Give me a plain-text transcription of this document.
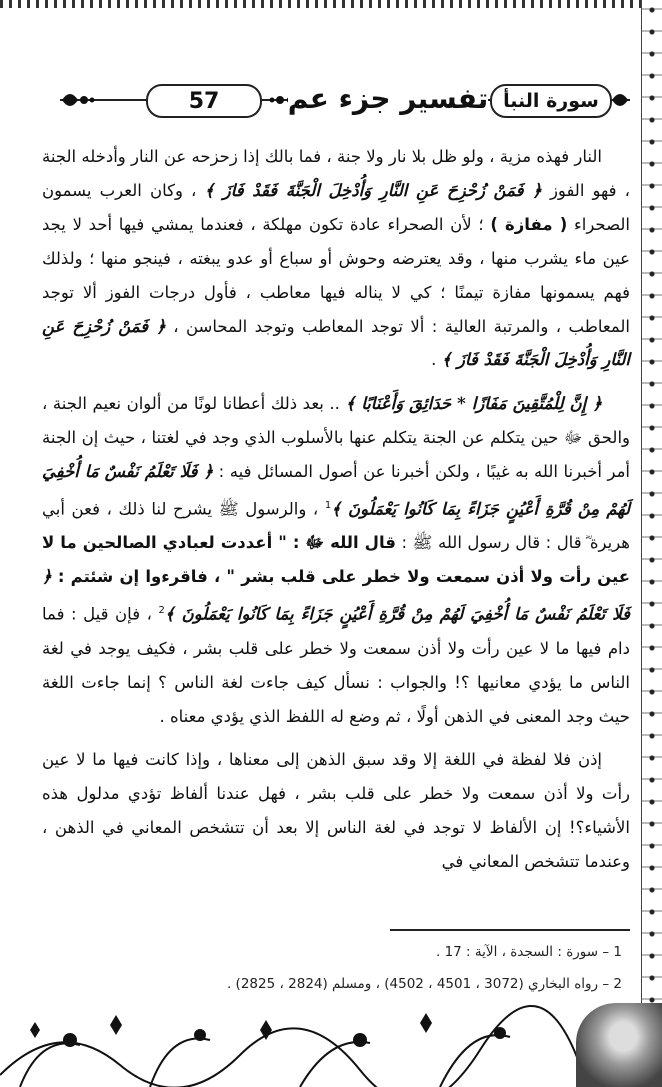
سورة النبأ
تفسير جزء عم
57

النار فهذه مزية ، ولو ظل بلا نار ولا جنة ، فما بالك إذا زحزحه عن النار وأدخله الجنة ، فهو الفوز ﴿ فَمَنْ زُحْزِحَ عَنِ النَّارِ وَأُدْخِلَ الْجَنَّةَ فَقَدْ فَازَ ﴾ ، وكان العرب يسمون الصحراء ( مفازة ) ؛ لأن الصحراء عادة تكون مهلكة ، فعندما يمشي فيها أحد لا يجد عين ماء يشرب منها ، وقد يعترضه وحوش أو سباع أو عدو يبغته ، فينجو منها ؛ ولذلك فهم يسمونها مفازة تيمنًا ؛ كي لا يناله فيها معاطب ، فأول درجات الفوز ألا توجد المعاطب ، والمرتبة العالية : ألا توجد المعاطب وتوجد المحاسن ، ﴿ فَمَنْ زُحْزِحَ عَنِ النَّارِ وَأُدْخِلَ الْجَنَّةَ فَقَدْ فَازَ ﴾ .

﴿ إِنَّ لِلْمُتَّقِينَ مَفَازًا * حَدَائِقَ وَأَعْنَابًا ﴾ .. بعد ذلك أعطانا لونًا من ألوان نعيم الجنة ، والحق ﷻ حين يتكلم عن الجنة يتكلم عنها بالأسلوب الذي وجد في لغتنا ، حيث إن الجنة أمر أخبرنا الله به غيبًا ، ولكن أخبرنا عن أصول المسائل فيه : ﴿ فَلَا تَعْلَمُ نَفْسٌ مَا أُخْفِيَ لَهُمْ مِنْ قُرَّةِ أَعْيُنٍ جَزَاءً بِمَا كَانُوا يَعْمَلُونَ ﴾$^1$ ، والرسول ﷺ يشرح لنا ذلك ، فعن أبي هريرة ؓ قال : قال رسول الله ﷺ : قال الله ﷻ : " أعددت لعبادي الصالحين ما لا عين رأت ولا أذن سمعت ولا خطر على قلب بشر " ، فاقرءوا إن شئتم : ﴿ فَلَا تَعْلَمُ نَفْسٌ مَا أُخْفِيَ لَهُمْ مِنْ قُرَّةِ أَعْيُنٍ جَزَاءً بِمَا كَانُوا يَعْمَلُونَ ﴾$^2$ ، فإن قيل : فما دام فيها ما لا عين رأت ولا أذن سمعت ولا خطر على قلب بشر ، فكيف يوجد في لغة الناس ما يؤدي معانيها ؟! والجواب : نسأل كيف جاءت لغة الناس ؟ إنما جاءت اللغة حيث وجد المعنى في الذهن أولًا ، ثم وضع له اللفظ الذي يؤدي معناه .

إذن فلا لفظة في اللغة إلا وقد سبق الذهن إلى معناها ، وإذا كانت فيها ما لا عين رأت ولا أذن سمعت ولا خطر على قلب بشر ، فهل عندنا ألفاظ تؤدي مدلول هذه الأشياء؟! إن الألفاظ لا توجد في لغة الناس إلا بعد أن تتشخص المعاني في الذهن ، وعندما تتشخص المعاني في

1 – سورة : السجدة ، الآية : 17 .
2 – رواه البخاري (3072 ، 4501 ، 4502) ، ومسلم (2824 ، 2825) .
